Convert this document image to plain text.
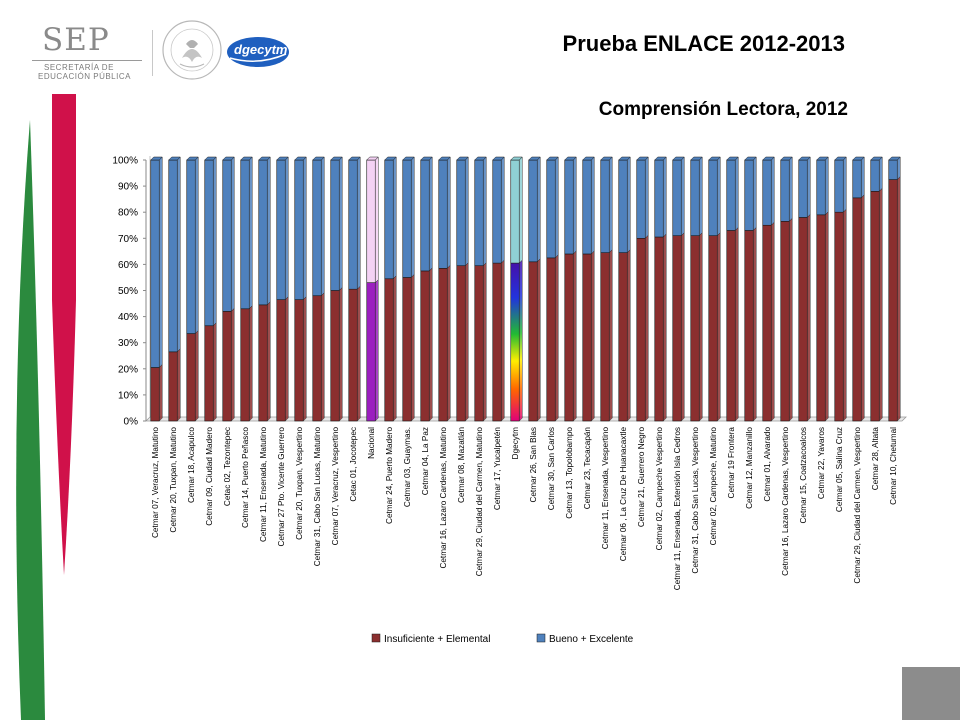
SEP
SECRETARÍA DE
EDUCACIÓN PÚBLICA
dgecytm	Prueba ENLACE 2012-2013
Comprensión Lectora, 2012
0%
10%
20%
30%
40%
50%
60%
70%
80%
90%
100%
Cetmar 07, Veracruz, Matutino Cetmar 20, Tuxpan, Matutino Cetmar 18, Acapulco Cetmar 09, Ciudad Madero Cetac 02, Tezontepec Cetmar 14, Puerto Peñasco Cetmar 11, Ensenada, Matutino Cetmar 27 Pto. Vicente Guerrero Cetmar 20, Tuxpan, Vespertino Cetmar 31, Cabo San Lucas, Matutino Cetmar 07, Veracruz, Vespertino Cetac 01, Jocotepec Nacional Cetmar 24, Puerto Madero Cetmar 03, Guaymas. Cetmar 04, La Paz Cetmar 16, Lazaro Cardenas, Matutino Cetmar 08, Mazatlán Cetmar 29, Ciudad del Carmen, Matutino Cetmar 17, Yucalpetén Dgecytm Cetmar 26, San Blas Cetmar 30, San Carlos Cetmar 13, Topolobampo Cetmar 23, Tecacapán Cetmar 11, Ensenada, Vespertino Cetmar 06 , La Cruz De Huanacaxtle Cetmar 21, Guerrero Negro Cetmar 02, Campeche Vespertino Cetmar 11, Ensenada, Extensión Isla Cedros Cetmar 31, Cabo San Lucas, Vespertino Cetmar 02, Campeche, Matutino Cetmar 19 Frontera Cetmar 12, Manzanillo Cetmar 01, Alvarado Cetmar 16, Lazaro Cardenas, Vespertino Cetmar 15, Coatzacoalcos Cetmar 22, Yavaros Cetmar 05, Salina Cruz Cetmar 29, Ciudad del Carmen, Vespertino Cetmar 28, Altata Cetmar 10, Chetumal
Insuficiente + Elemental	Bueno + Excelente
